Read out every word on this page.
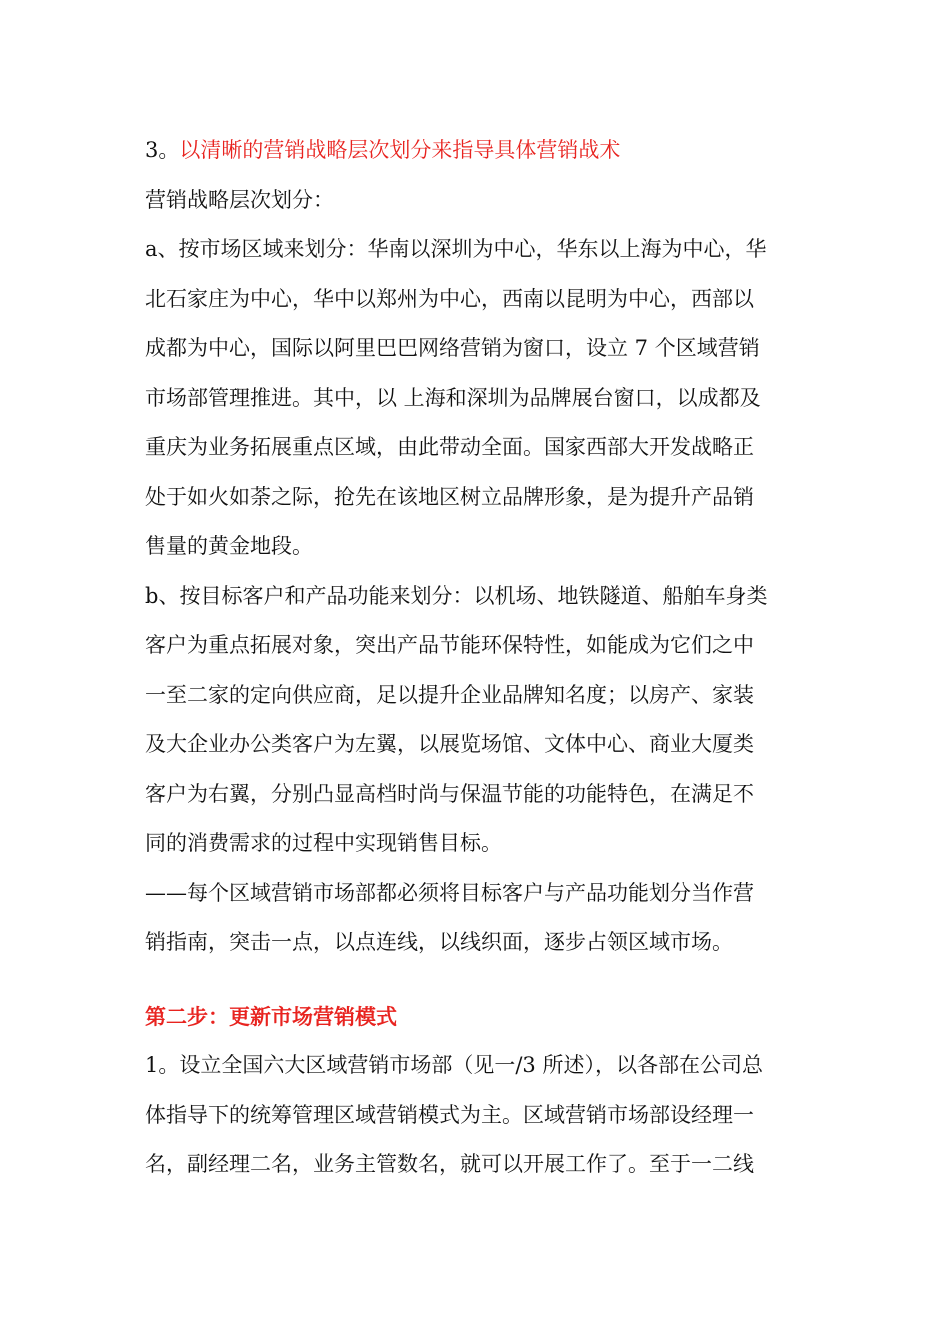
3。以清晰的营销战略层次划分来指导具体营销战术
营销战略层次划分：
a、按市场区域来划分：华南以深圳为中心，华东以上海为中心，华
北石家庄为中心，华中以郑州为中心，西南以昆明为中心，西部以
成都为中心，国际以阿里巴巴网络营销为窗口，设立 7 个区域营销
市场部管理推进。其中，以 上海和深圳为品牌展台窗口，以成都及
重庆为业务拓展重点区域，由此带动全面。国家西部大开发战略正
处于如火如荼之际，抢先在该地区树立品牌形象，是为提升产品销
售量的黄金地段。
b、按目标客户和产品功能来划分：以机场、地铁隧道、船舶车身类
客户为重点拓展对象，突出产品节能环保特性，如能成为它们之中
一至二家的定向供应商，足以提升企业品牌知名度；以房产、家装
及大企业办公类客户为左翼，以展览场馆、文体中心、商业大厦类
客户为右翼，分别凸显高档时尚与保温节能的功能特色，在满足不
同的消费需求的过程中实现销售目标。
——每个区域营销市场部都必须将目标客户与产品功能划分当作营
销指南，突击一点，以点连线，以线织面，逐步占领区域市场。
第二步：更新市场营销模式
1。设立全国六大区域营销市场部（见一/3 所述），以各部在公司总
体指导下的统筹管理区域营销模式为主。区域营销市场部设经理一
名，副经理二名，业务主管数名，就可以开展工作了。至于一二线
